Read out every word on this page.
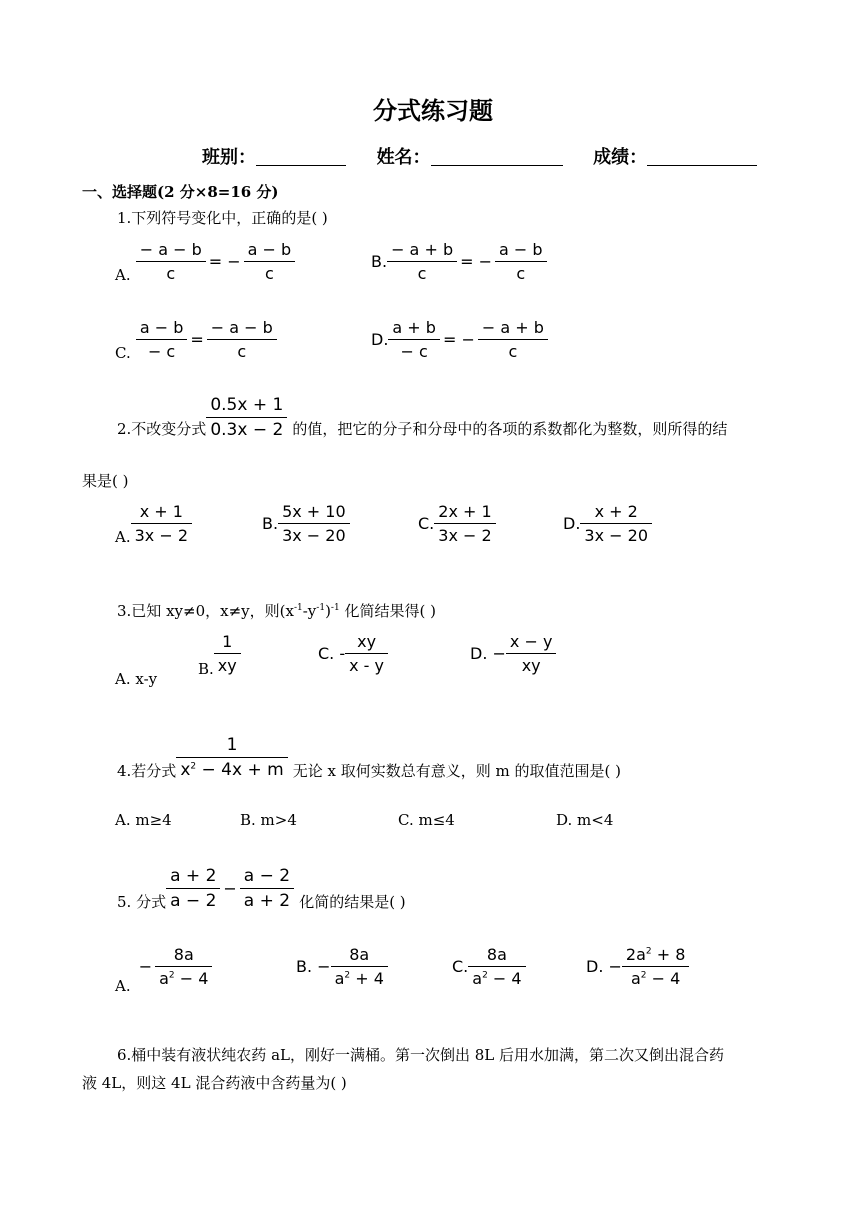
分式练习题
班别：	姓名：	成绩：
一、选择题(2 分×8=16 分)
1.下列符号变化中，正确的是( )
A. $\frac{- a - b}{c}$ = − $\frac{a - b}{c}$	B. $\frac{- a + b}{c}$ = − $\frac{a - b}{c}$
C. $\frac{a - b}{- c} = \frac{- a - b}{c}$	D. $\frac{a + b}{- c}$ = − $\frac{- a + b}{c}$
2.不改变分式 $\frac{0.5x + 1}{0.3x - 2}$ 的值，把它的分子和分母中的各项的系数都化为整数，则所得的结
果是( )
A. $\frac{x + 1}{3x - 2}$	B. $\frac{5x + 10}{3x - 20}$	C. $\frac{2x + 1}{3x - 2}$	D. $\frac{x + 2}{3x - 20}$
3.已知 xy≠0，x≠y，则$(x^{-1}-y^{-1})^{-1}$ 化简结果得( )
A. x-y
B. $\frac{1}{xy}$	C. - $\frac{xy}{x - y}$	D. − $\frac{x - y}{xy}$
4.若分式 $\frac{1}{x^2 - 4x + m}$ 无论 x 取何实数总有意义，则 m 的取值范围是( )
A. m≥4	B. m>4	C. m≤4	D. m<4
5. 分式 $\frac{a + 2}{a - 2} - \frac{a - 2}{a + 2}$ 化简的结果是( )
A. − $\frac{8a}{a^2 - 4}$	B. − $\frac{8a}{a^2 + 4}$	C. $\frac{8a}{a^2 - 4}$	D. − $\frac{2a^2 + 8}{a^2 - 4}$
6.桶中装有液状纯农药 aL，刚好一满桶。第一次倒出 8L 后用水加满，第二次又倒出混合药
液 4L，则这 4L 混合药液中含药量为( )
